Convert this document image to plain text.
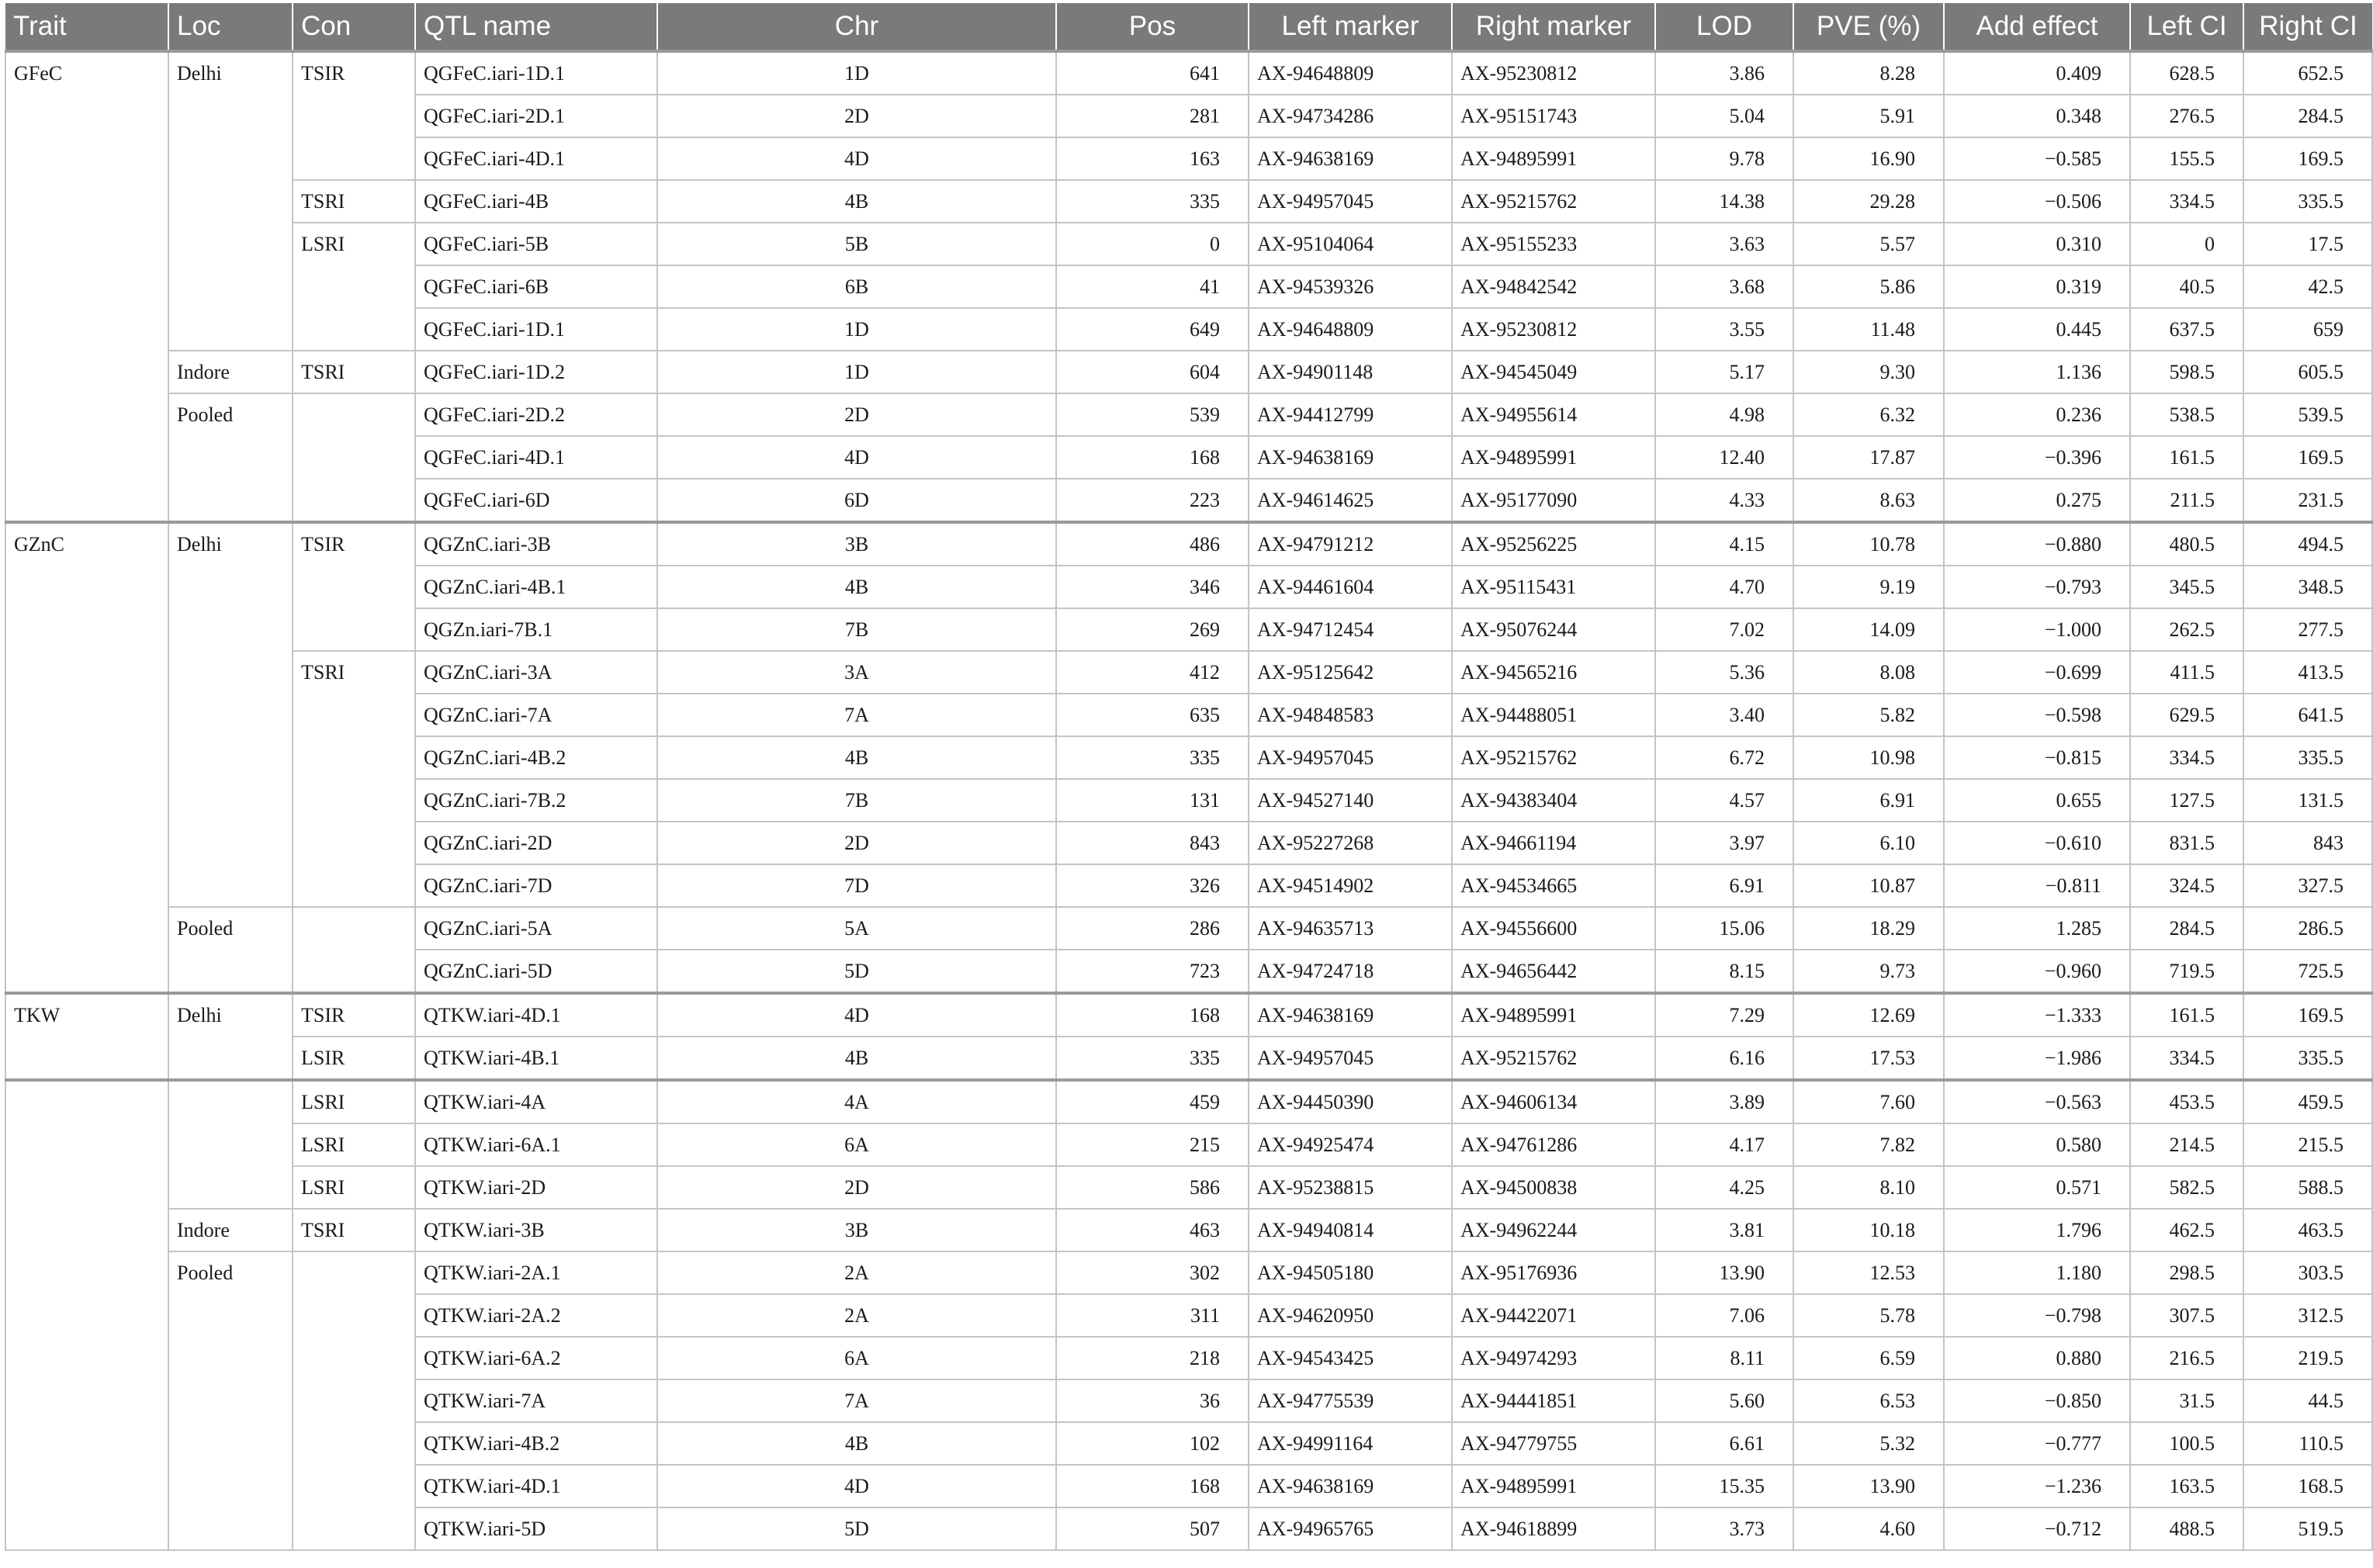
Trait	Loc	Con	QTL name	Chr	Pos	Left marker	Right marker	LOD	PVE (%)	Add effect	Left CI	Right CI
GFeC	Delhi	TSIR	QGFeC.iari-1D.1	1D	641	AX-94648809	AX-95230812	3.86	8.28	0.409	628.5	652.5
			QGFeC.iari-2D.1	2D	281	AX-94734286	AX-95151743	5.04	5.91	0.348	276.5	284.5
			QGFeC.iari-4D.1	4D	163	AX-94638169	AX-94895991	9.78	16.90	−0.585	155.5	169.5
		TSRI	QGFeC.iari-4B	4B	335	AX-94957045	AX-95215762	14.38	29.28	−0.506	334.5	335.5
		LSRI	QGFeC.iari-5B	5B	0	AX-95104064	AX-95155233	3.63	5.57	0.310	0	17.5
			QGFeC.iari-6B	6B	41	AX-94539326	AX-94842542	3.68	5.86	0.319	40.5	42.5
			QGFeC.iari-1D.1	1D	649	AX-94648809	AX-95230812	3.55	11.48	0.445	637.5	659
	Indore	TSRI	QGFeC.iari-1D.2	1D	604	AX-94901148	AX-94545049	5.17	9.30	1.136	598.5	605.5
	Pooled		QGFeC.iari-2D.2	2D	539	AX-94412799	AX-94955614	4.98	6.32	0.236	538.5	539.5
			QGFeC.iari-4D.1	4D	168	AX-94638169	AX-94895991	12.40	17.87	−0.396	161.5	169.5
			QGFeC.iari-6D	6D	223	AX-94614625	AX-95177090	4.33	8.63	0.275	211.5	231.5
GZnC	Delhi	TSIR	QGZnC.iari-3B	3B	486	AX-94791212	AX-95256225	4.15	10.78	−0.880	480.5	494.5
			QGZnC.iari-4B.1	4B	346	AX-94461604	AX-95115431	4.70	9.19	−0.793	345.5	348.5
			QGZn.iari-7B.1	7B	269	AX-94712454	AX-95076244	7.02	14.09	−1.000	262.5	277.5
		TSRI	QGZnC.iari-3A	3A	412	AX-95125642	AX-94565216	5.36	8.08	−0.699	411.5	413.5
			QGZnC.iari-7A	7A	635	AX-94848583	AX-94488051	3.40	5.82	−0.598	629.5	641.5
			QGZnC.iari-4B.2	4B	335	AX-94957045	AX-95215762	6.72	10.98	−0.815	334.5	335.5
			QGZnC.iari-7B.2	7B	131	AX-94527140	AX-94383404	4.57	6.91	0.655	127.5	131.5
			QGZnC.iari-2D	2D	843	AX-95227268	AX-94661194	3.97	6.10	−0.610	831.5	843
			QGZnC.iari-7D	7D	326	AX-94514902	AX-94534665	6.91	10.87	−0.811	324.5	327.5
	Pooled		QGZnC.iari-5A	5A	286	AX-94635713	AX-94556600	15.06	18.29	1.285	284.5	286.5
			QGZnC.iari-5D	5D	723	AX-94724718	AX-94656442	8.15	9.73	−0.960	719.5	725.5
TKW	Delhi	TSIR	QTKW.iari-4D.1	4D	168	AX-94638169	AX-94895991	7.29	12.69	−1.333	161.5	169.5
		LSIR	QTKW.iari-4B.1	4B	335	AX-94957045	AX-95215762	6.16	17.53	−1.986	334.5	335.5
		LSRI	QTKW.iari-4A	4A	459	AX-94450390	AX-94606134	3.89	7.60	−0.563	453.5	459.5
		LSRI	QTKW.iari-6A.1	6A	215	AX-94925474	AX-94761286	4.17	7.82	0.580	214.5	215.5
		LSRI	QTKW.iari-2D	2D	586	AX-95238815	AX-94500838	4.25	8.10	0.571	582.5	588.5
	Indore	TSRI	QTKW.iari-3B	3B	463	AX-94940814	AX-94962244	3.81	10.18	1.796	462.5	463.5
	Pooled		QTKW.iari-2A.1	2A	302	AX-94505180	AX-95176936	13.90	12.53	1.180	298.5	303.5
			QTKW.iari-2A.2	2A	311	AX-94620950	AX-94422071	7.06	5.78	−0.798	307.5	312.5
			QTKW.iari-6A.2	6A	218	AX-94543425	AX-94974293	8.11	6.59	0.880	216.5	219.5
			QTKW.iari-7A	7A	36	AX-94775539	AX-94441851	5.60	6.53	−0.850	31.5	44.5
			QTKW.iari-4B.2	4B	102	AX-94991164	AX-94779755	6.61	5.32	−0.777	100.5	110.5
			QTKW.iari-4D.1	4D	168	AX-94638169	AX-94895991	15.35	13.90	−1.236	163.5	168.5
			QTKW.iari-5D	5D	507	AX-94965765	AX-94618899	3.73	4.60	−0.712	488.5	519.5
